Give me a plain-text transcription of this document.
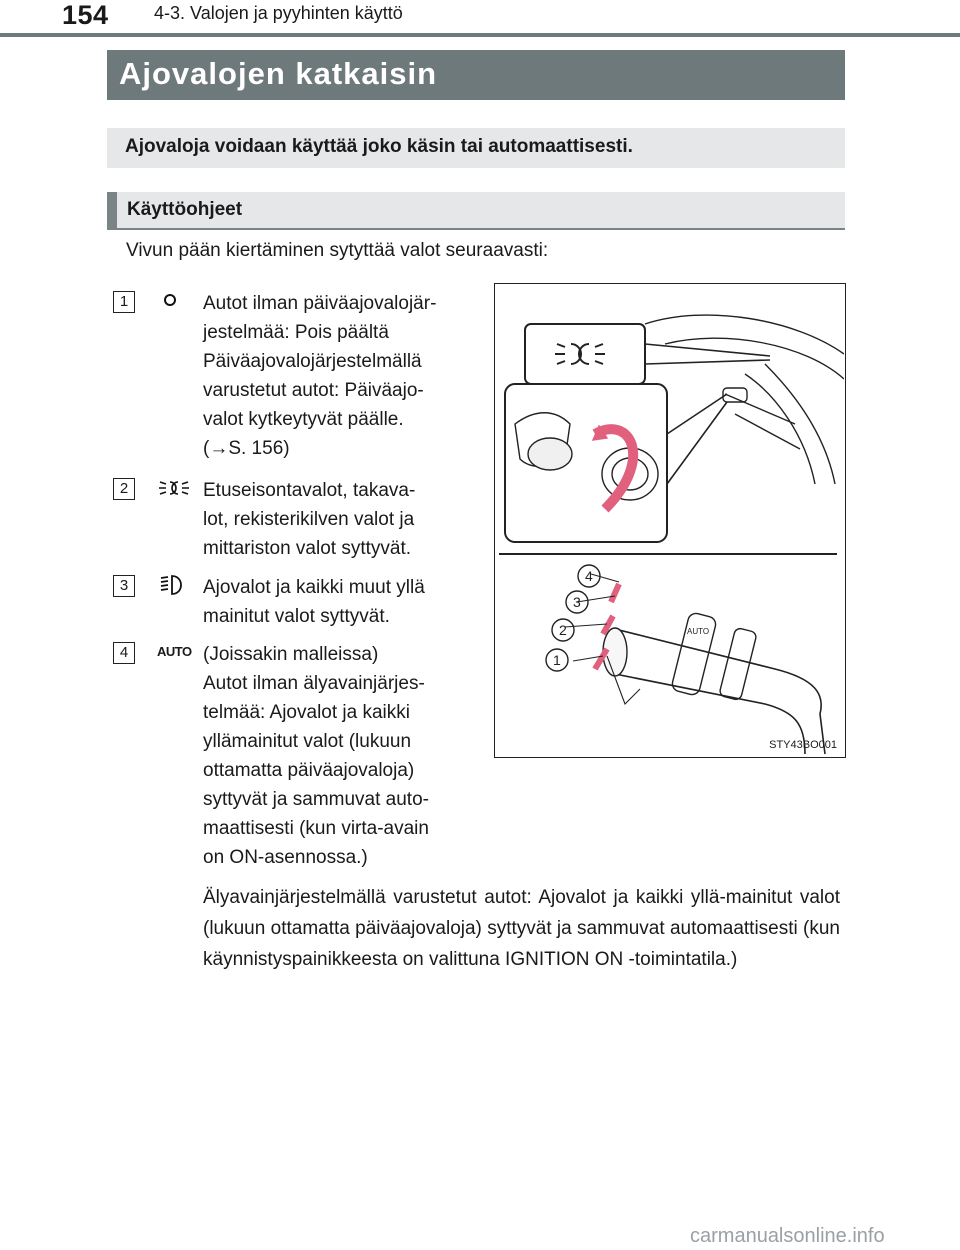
154	4-3. Valojen ja pyyhinten käyttö
Ajovalojen katkaisin
Ajovaloja voidaan käyttää joko käsin tai automaattisesti.
Käyttöohjeet
Vivun pään kiertäminen sytyttää valot seuraavasti:
1	Autot ilman päiväajovalojär-

jestelmää: Pois päältä

Päiväajovalojärjestelmällä

varustetut autot: Päiväajo-

valot kytkeytyvät päälle.

(→S. 156)

2	Etuseisontavalot, takava-

lot, rekisterikilven valot ja

mittariston valot syttyvät.

3	Ajovalot ja kaikki muut yllä

mainitut valot syttyvät.

4	AUTO (Joissakin malleissa)

Autot ilman älyavainjärjes-

telmää: Ajovalot ja kaikki

yllämainitut valot (lukuun

ottamatta päiväajovaloja)

syttyvät ja sammuvat auto-

maattisesti (kun virta-avain

on ON-asennossa.)

Älyavainjärjestelmällä varustetut autot: Ajovalot ja kaikki yllä-mainitut valot (lukuun ottamatta päiväajovaloja) syttyvät ja sammuvat automaattisesti (kun käynnistyspainikkeesta on valittuna IGNITION ON -toimintatila.)
AUTO
1
2
3
4
STY43BO001
carmanualsonline.info
